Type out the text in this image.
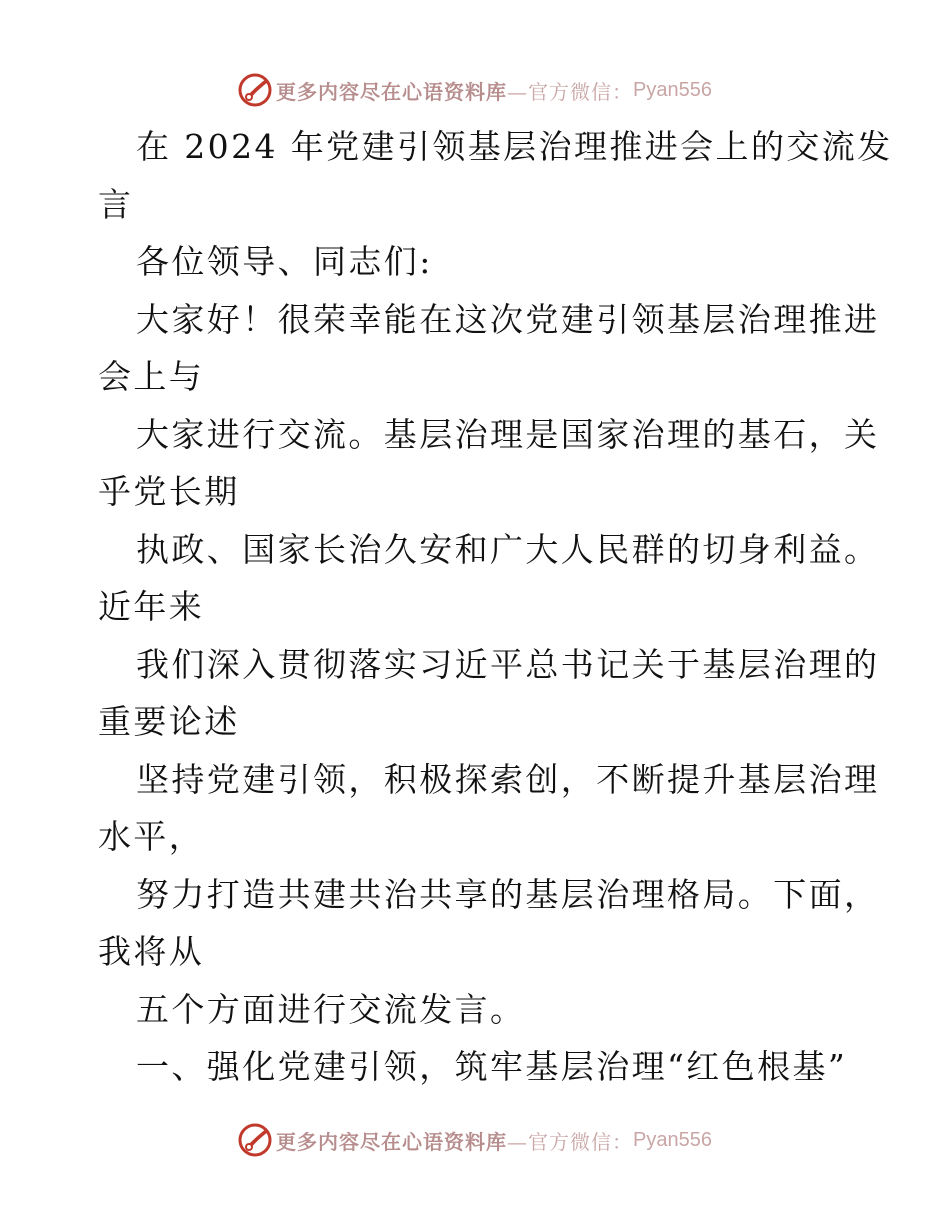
更多内容尽在心语资料库—官方微信： Pyan556
在 2024 年党建引领基层治理推进会上的交流发
言
各位领导、同志们:
大家好！很荣幸能在这次党建引领基层治理推进
会上与
大家进行交流。基层治理是国家治理的基石，关
乎党长期
执政、国家长治久安和广大人民群的切身利益。
近年来
我们深入贯彻落实习近平总书记关于基层治理的
重要论述
坚持党建引领，积极探索创，不断提升基层治理
水平，
努力打造共建共治共享的基层治理格局。下面，
我将从
五个方面进行交流发言。
一、强化党建引领，筑牢基层治理“红色根基”
更多内容尽在心语资料库—官方微信： Pyan556
